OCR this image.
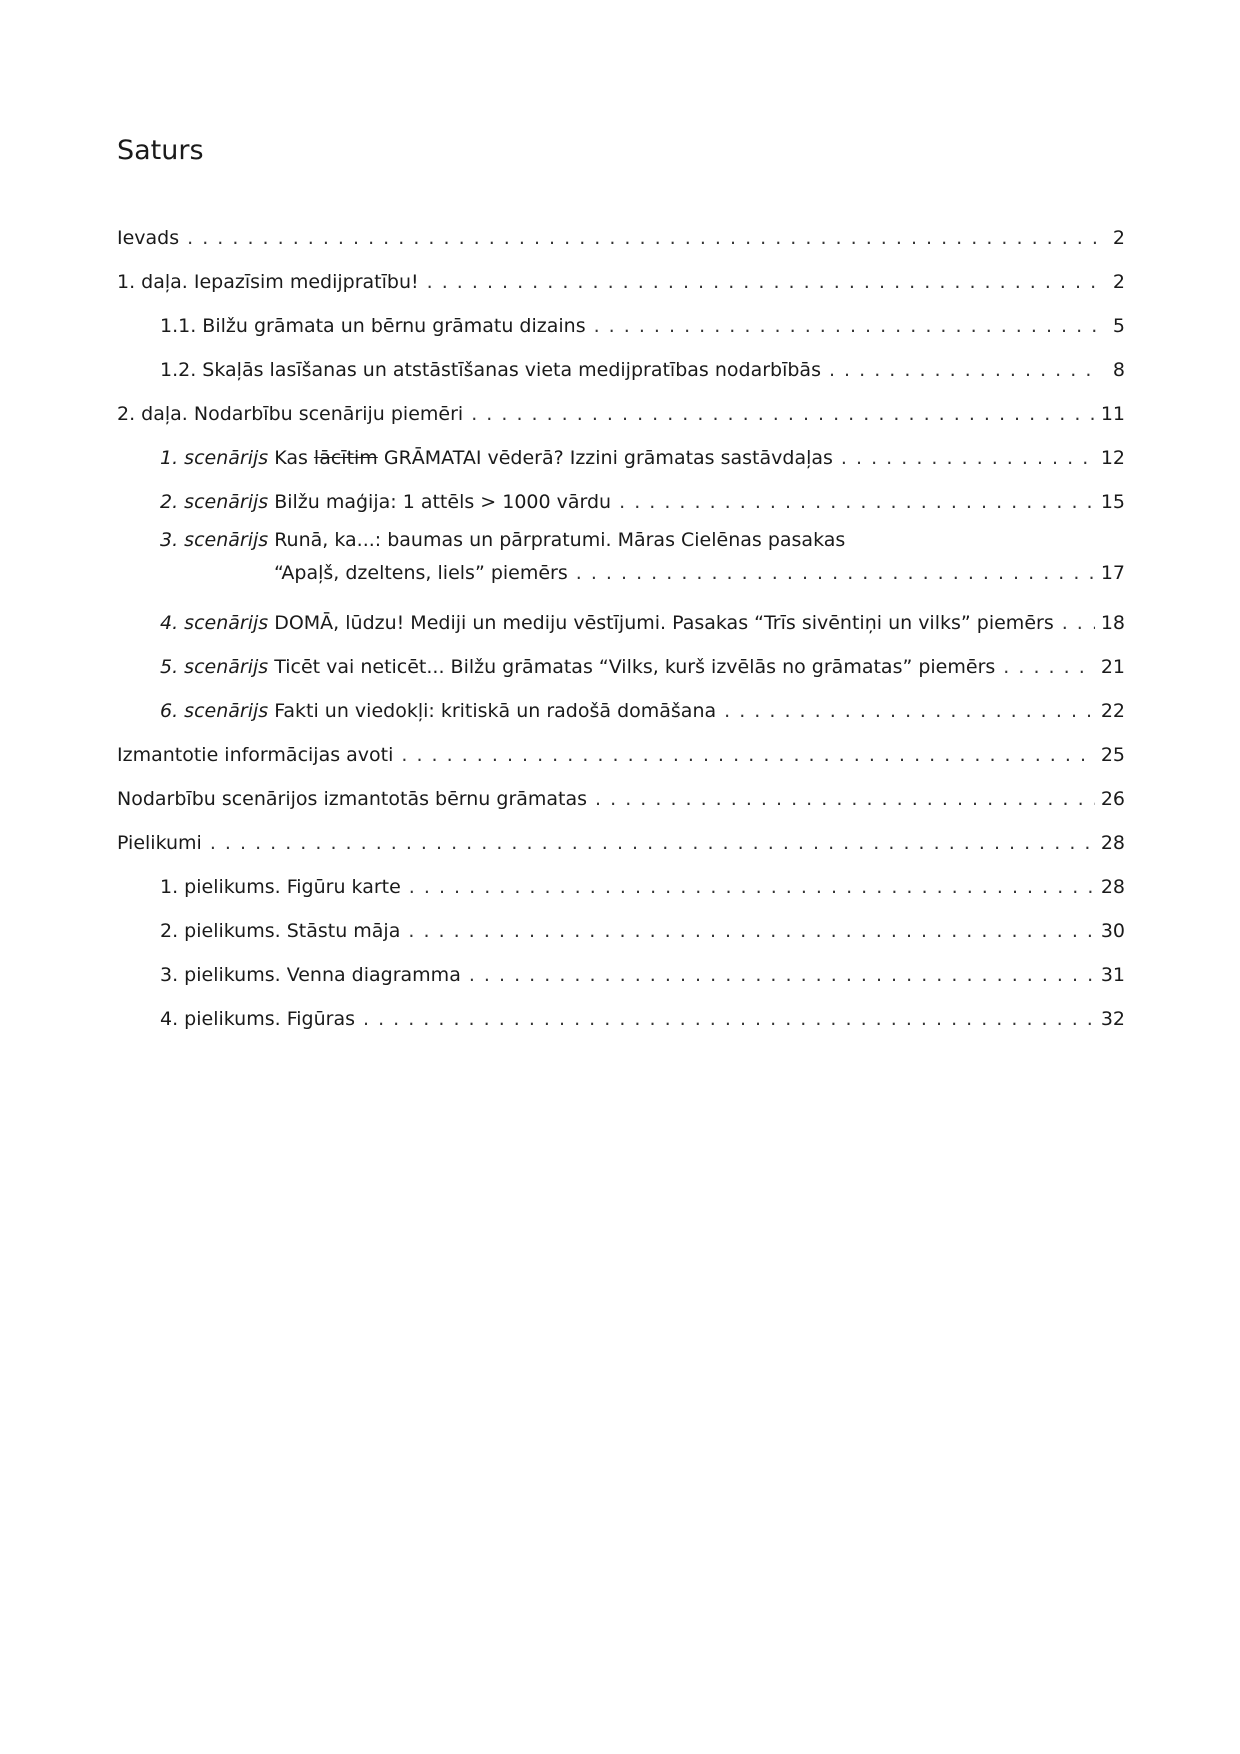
Saturs
Ievads . . .	2
1. daļa. Iepazīsim medijpratību! . . .	2
1.1. Bilžu grāmata un bērnu grāmatu dizains . . .	5
1.2. Skaļās lasīšanas un atstāstīšanas vieta medijpratības nodarbībās . . .	8
2. daļa. Nodarbību scenāriju piemēri . . .	11
1. scenārijs Kas lācītim GRĀMATAI vēderā? Izzini grāmatas sastāvdaļas . . .	12
2. scenārijs Bilžu maģija: 1 attēls > 1000 vārdu . . .	15
3. scenārijs Runā, ka...: baumas un pārpratumi. Māras Cielēnas pasakas
“Apaļš, dzeltens, liels” piemērs . . .	17
4. scenārijs DOMĀ, lūdzu! Mediji un mediju vēstījumi. Pasakas “Trīs sivēntiņi un vilks” piemērs . . . 18
5. scenārijs Ticēt vai neticēt... Bilžu grāmatas “Vilks, kurš izvēlās no grāmatas” piemērs . . .	21
6. scenārijs Fakti un viedokļi: kritiskā un radošā domāšana . . .	22
Izmantotie informācijas avoti . . .	25
Nodarbību scenārijos izmantotās bērnu grāmatas . . .	26
Pielikumi . . .	28
1. pielikums. Figūru karte . . .	28
2. pielikums. Stāstu māja . . .	30
3. pielikums. Venna diagramma . . .	31
4. pielikums. Figūras . . .	32
